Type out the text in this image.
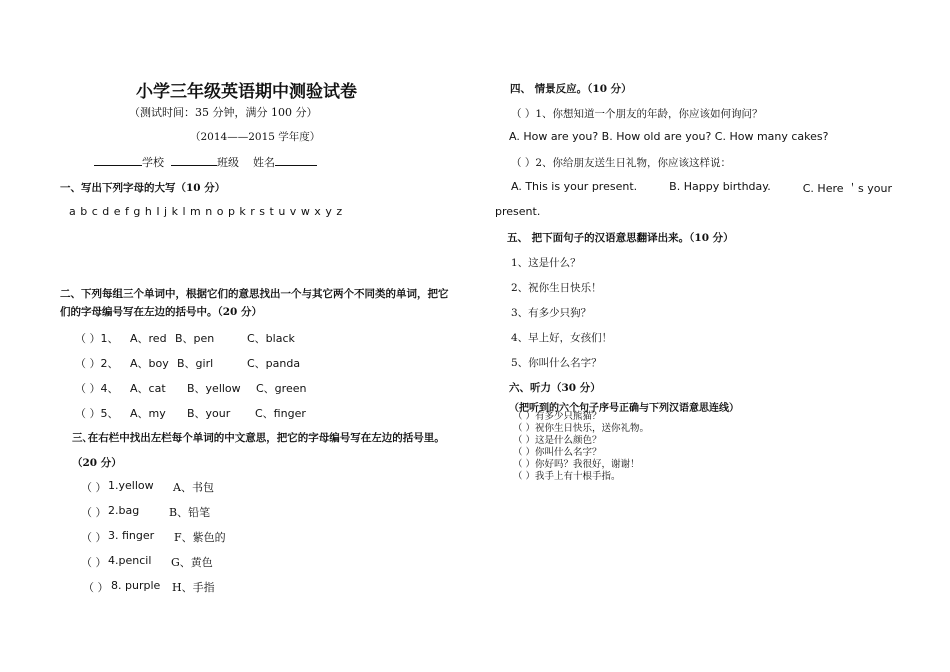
小学三年级英语期中测验试卷
（测试时间：35 分钟，满分 100 分）
（2014——2015 学年度）
学校	班级 姓名
一、写出下列字母的大写（10 分）
a b c d e f g h I j k l m n o p k r s t u v w x y z
二、下列每组三个单词中，根据它们的意思找出一个与其它两个不同类的单词，把它
们的字母编号写在左边的括号中。（20 分）
（ ）1、 A、red B、pen	C、black
（ ）2、 A、boy B、girl	C、panda
（ ）4、 A、cat B、yellow C、green
（ ）5、 A、my B、your C、finger
三､在右栏中找出左栏每个单词的中文意思，把它的字母编号写在左边的括号里。
（20 分）
（ ） 1.yellow A、书包
（ ） 2.bag	B、铅笔
（ ） 3. finger F、紫色的
（ ） 4.pencil G、黄色
（ ） 8. purple H、手指
四、 情景反应。（10 分）
（ ）1、你想知道一个朋友的年龄，你应该如何询问？
A. How are you? B. How old are you? C. How many cakes?
（ ）2、你给朋友送生日礼物，你应该这样说：
A. This is your present.	B. Happy birthday.	C. Here ＇s your
present.
五、 把下面句子的汉语意思翻译出来。（10 分）
1、这是什么？
2、祝你生日快乐！
3、有多少只狗？
4、早上好，女孩们！
5、你叫什么名字？
六、听力（30 分）
（把听到的六个句子序号正确与下列汉语意思连线）
（ ）有多少只熊猫？
（ ）祝你生日快乐，送你礼物。
（ ）这是什么颜色？
（ ）你叫什么名字？
（ ）你好吗？我很好，谢谢！
（ ）我手上有十根手指。
